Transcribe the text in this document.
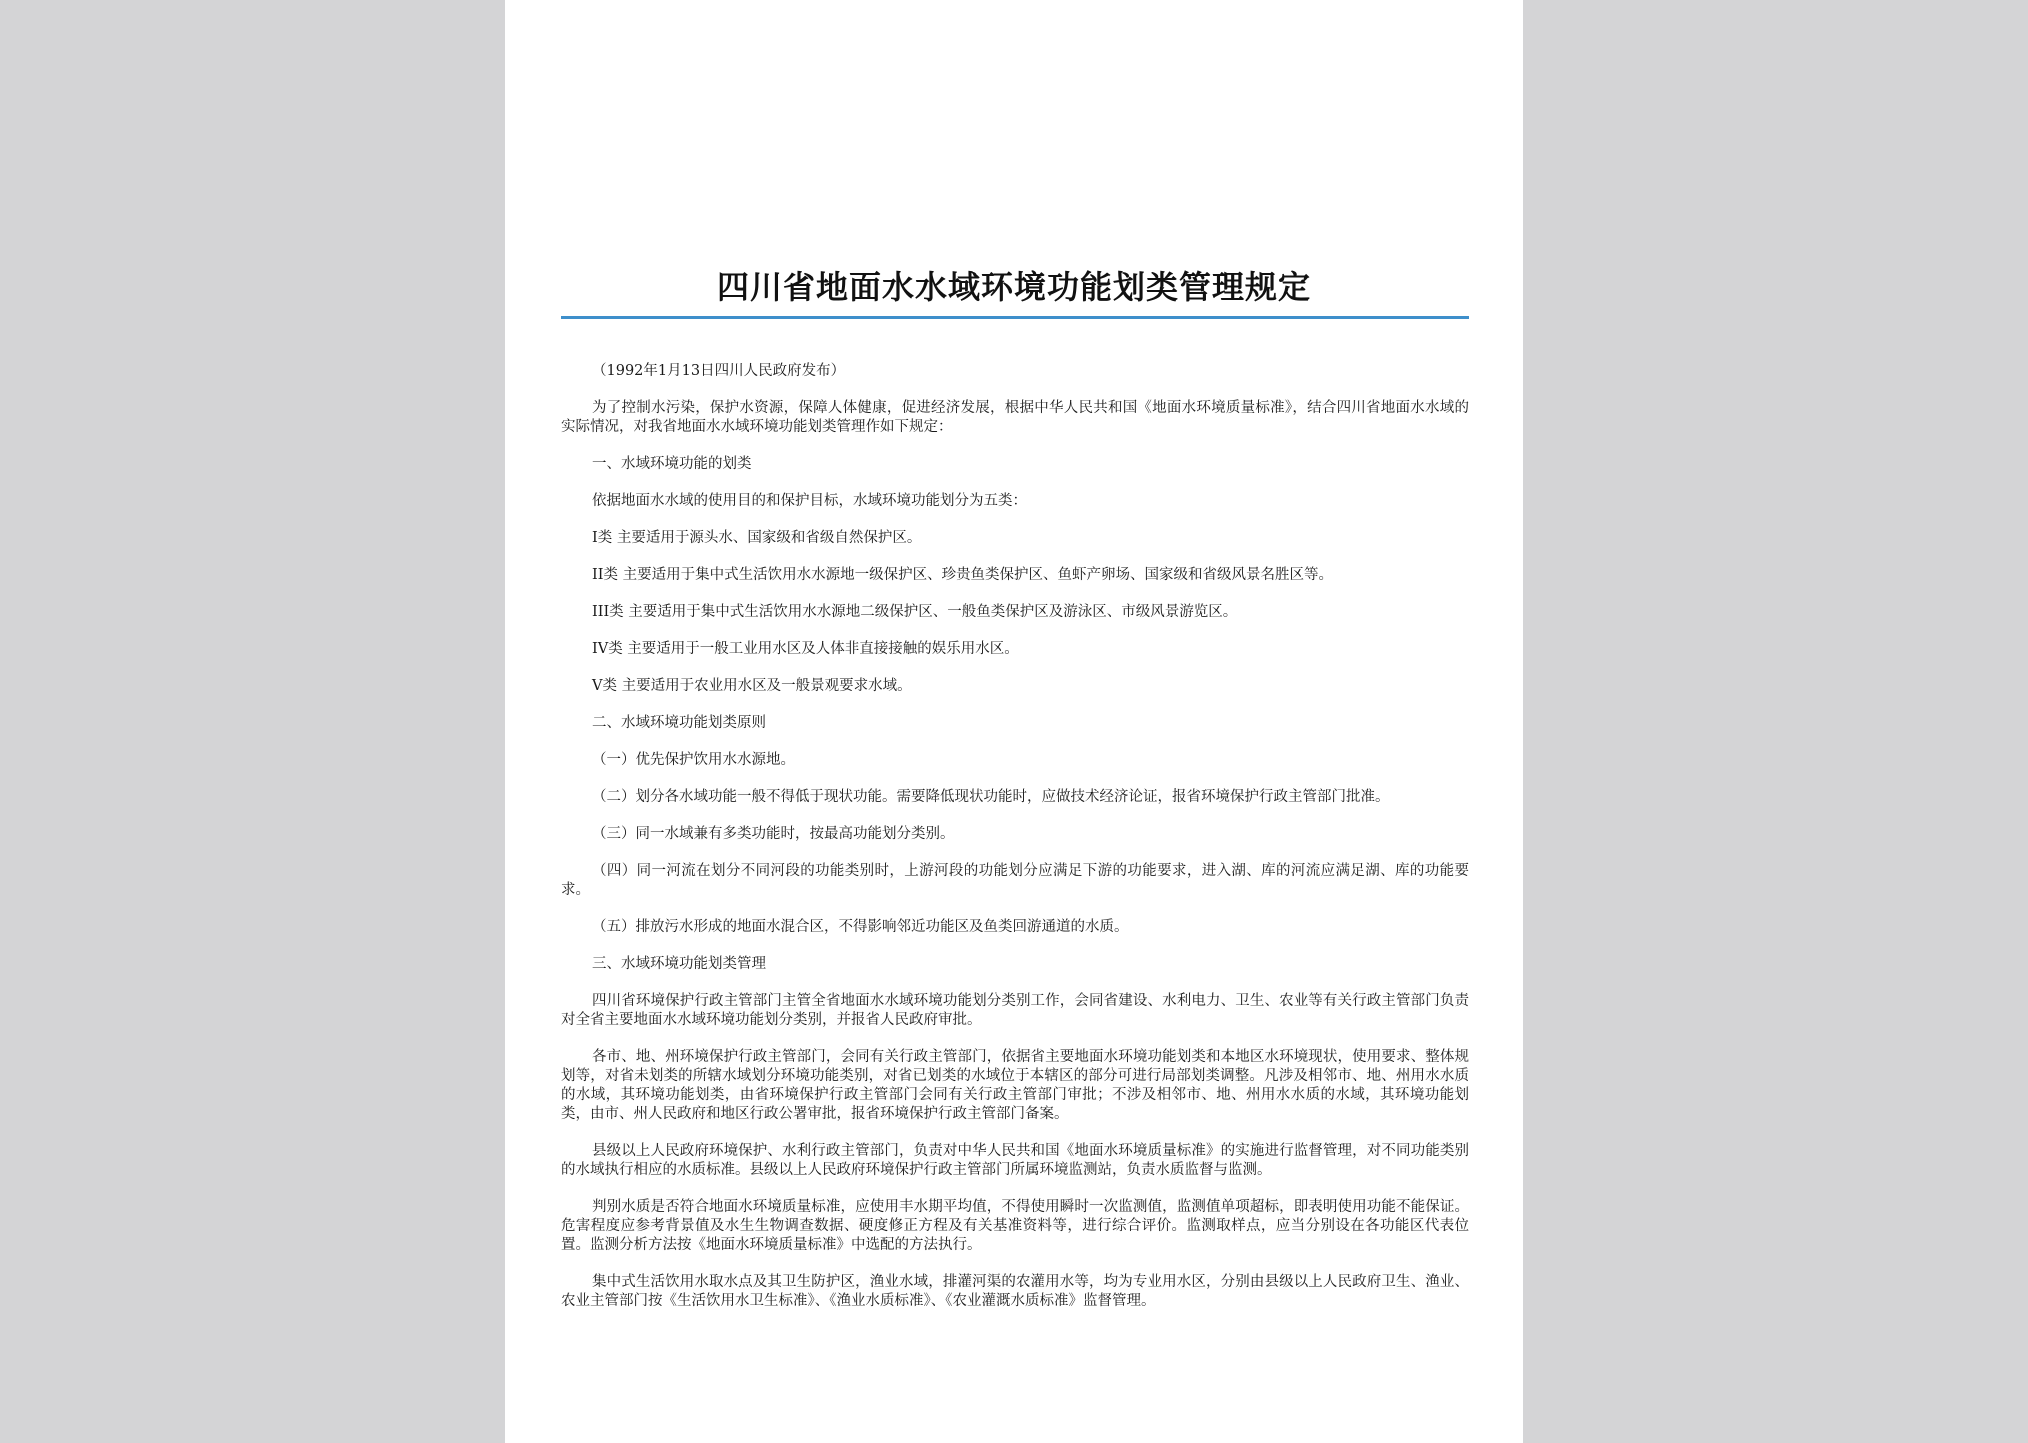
四川省地面水水域环境功能划类管理规定

（1992年1月13日四川人民政府发布）

为了控制水污染，保护水资源，保障人体健康，促进经济发展，根据中华人民共和国《地面水环境质量标准》，结合四川省地面水水域的实际情况，对我省地面水水域环境功能划类管理作如下规定：

一、水域环境功能的划类

依据地面水水域的使用目的和保护目标，水域环境功能划分为五类：

I类 主要适用于源头水、国家级和省级自然保护区。

II类 主要适用于集中式生活饮用水水源地一级保护区、珍贵鱼类保护区、鱼虾产卵场、国家级和省级风景名胜区等。

III类 主要适用于集中式生活饮用水水源地二级保护区、一般鱼类保护区及游泳区、市级风景游览区。

IV类 主要适用于一般工业用水区及人体非直接接触的娱乐用水区。

V类 主要适用于农业用水区及一般景观要求水域。

二、水域环境功能划类原则

（一）优先保护饮用水水源地。

（二）划分各水域功能一般不得低于现状功能。需要降低现状功能时，应做技术经济论证，报省环境保护行政主管部门批准。

（三）同一水域兼有多类功能时，按最高功能划分类别。

（四）同一河流在划分不同河段的功能类别时，上游河段的功能划分应满足下游的功能要求，进入湖、库的河流应满足湖、库的功能要求。

（五）排放污水形成的地面水混合区，不得影响邻近功能区及鱼类回游通道的水质。

三、水域环境功能划类管理

四川省环境保护行政主管部门主管全省地面水水域环境功能划分类别工作，会同省建设、水利电力、卫生、农业等有关行政主管部门负责对全省主要地面水水域环境功能划分类别，并报省人民政府审批。

各市、地、州环境保护行政主管部门，会同有关行政主管部门，依据省主要地面水环境功能划类和本地区水环境现状，使用要求、整体规划等，对省未划类的所辖水域划分环境功能类别，对省已划类的水域位于本辖区的部分可进行局部划类调整。凡涉及相邻市、地、州用水水质的水域，其环境功能划类，由省环境保护行政主管部门会同有关行政主管部门审批；不涉及相邻市、地、州用水水质的水域，其环境功能划类，由市、州人民政府和地区行政公署审批，报省环境保护行政主管部门备案。

县级以上人民政府环境保护、水利行政主管部门，负责对中华人民共和国《地面水环境质量标准》的实施进行监督管理，对不同功能类别的水域执行相应的水质标准。县级以上人民政府环境保护行政主管部门所属环境监测站，负责水质监督与监测。

判别水质是否符合地面水环境质量标准，应使用丰水期平均值，不得使用瞬时一次监测值，监测值单项超标，即表明使用功能不能保证。危害程度应参考背景值及水生生物调查数据、硬度修正方程及有关基准资料等，进行综合评价。监测取样点，应当分别设在各功能区代表位置。监测分析方法按《地面水环境质量标准》中选配的方法执行。

集中式生活饮用水取水点及其卫生防护区，渔业水域，排灌河渠的农灌用水等，均为专业用水区，分别由县级以上人民政府卫生、渔业、农业主管部门按《生活饮用水卫生标准》、《渔业水质标准》、《农业灌溉水质标准》监督管理。
